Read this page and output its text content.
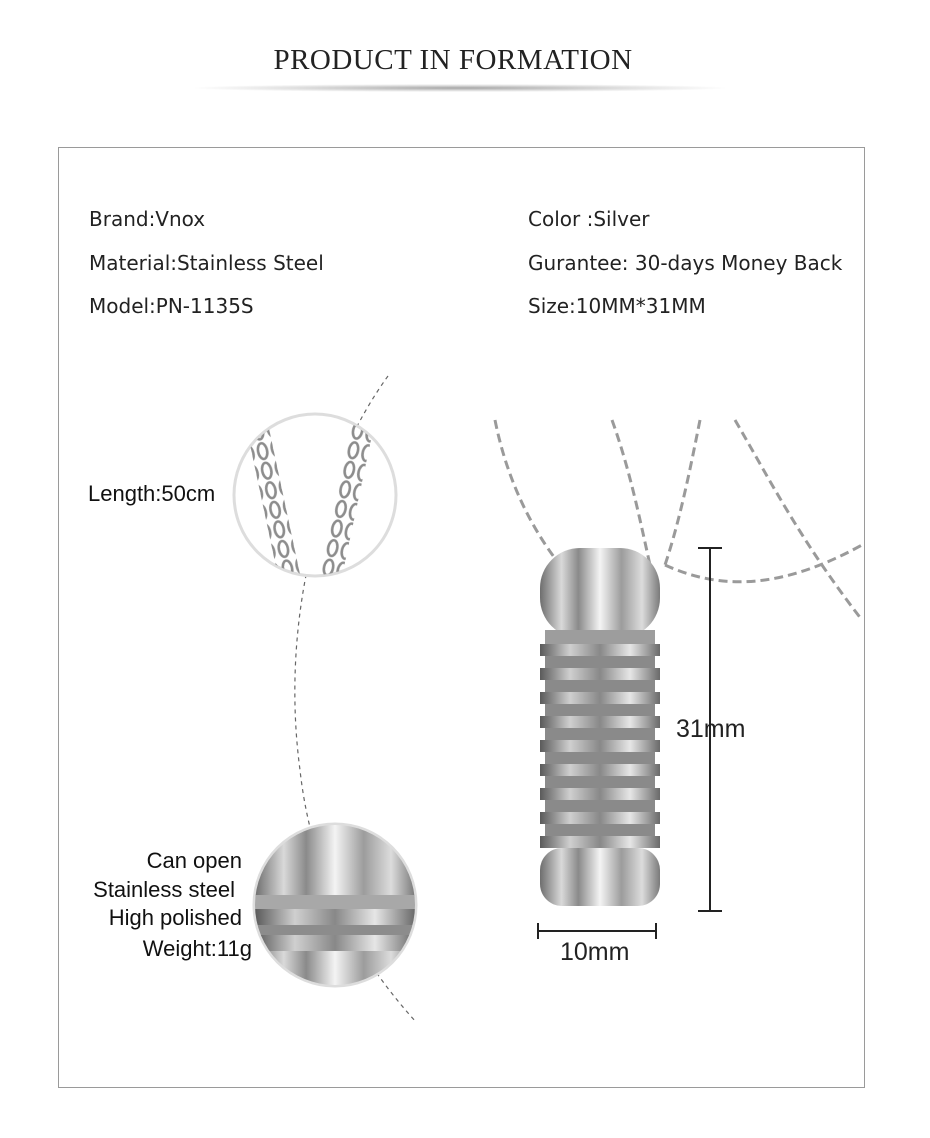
PRODUCT IN FORMATION
Brand:Vnox
Material:Stainless Steel
Model:PN-1135S
Color :Silver
Gurantee: 30-days Money Back
Size:10MM*31MM
Length:50cm
Can open
Stainless steel
High polished
Weight:11g
31mm
10mm
